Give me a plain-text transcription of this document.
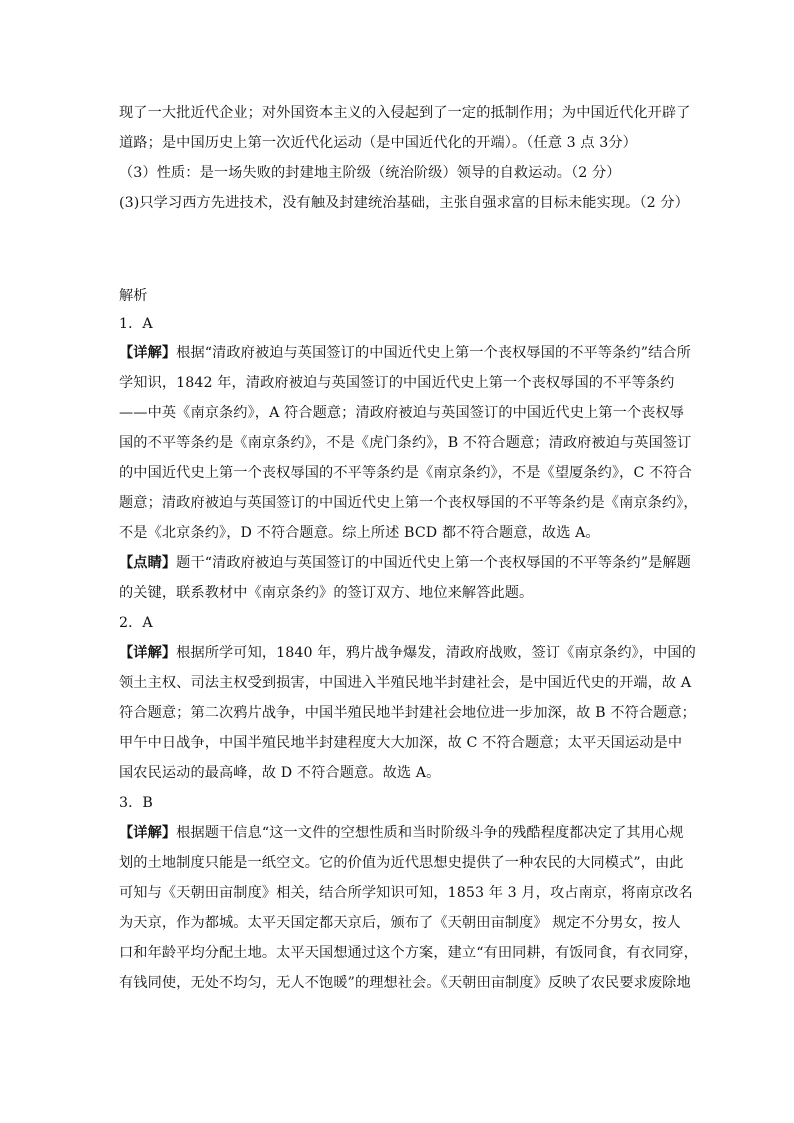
现了一大批近代企业；对外国资本主义的入侵起到了一定的抵制作用；为中国近代化开辟了
道路；是中国历史上第一次近代化运动（是中国近代化的开端）。（任意 3 点 3分）
（3）性质：是一场失败的封建地主阶级（统治阶级）领导的自救运动。（2 分）
(3)只学习西方先进技术，没有触及封建统治基础，主张自强求富的目标未能实现。（2 分）
解析
1．A
【详解】根据“清政府被迫与英国签订的中国近代史上第一个丧权辱国的不平等条约”结合所
学知识，1842 年，清政府被迫与英国签订的中国近代史上第一个丧权辱国的不平等条约
——中英《南京条约》，A 符合题意；清政府被迫与英国签订的中国近代史上第一个丧权辱
国的不平等条约是《南京条约》，不是《虎门条约》，B 不符合题意；清政府被迫与英国签订
的中国近代史上第一个丧权辱国的不平等条约是《南京条约》，不是《望厦条约》，C 不符合
题意；清政府被迫与英国签订的中国近代史上第一个丧权辱国的不平等条约是《南京条约》，
不是《北京条约》，D 不符合题意。综上所述 BCD 都不符合题意，故选 A。
【点睛】题干“清政府被迫与英国签订的中国近代史上第一个丧权辱国的不平等条约”是解题
的关键，联系教材中《南京条约》的签订双方、地位来解答此题。
2．A
【详解】根据所学可知，1840 年，鸦片战争爆发，清政府战败，签订《南京条约》，中国的
领土主权、司法主权受到损害，中国进入半殖民地半封建社会，是中国近代史的开端，故 A
符合题意；第二次鸦片战争，中国半殖民地半封建社会地位进一步加深，故 B 不符合题意；
甲午中日战争，中国半殖民地半封建程度大大加深，故 C 不符合题意；太平天国运动是中
国农民运动的最高峰，故 D 不符合题意。故选 A。
3．B
【详解】根据题干信息“这一文件的空想性质和当时阶级斗争的残酷程度都决定了其用心规
划的土地制度只能是一纸空文。它的价值为近代思想史提供了一种农民的大同模式”，由此
可知与《天朝田亩制度》相关，结合所学知识可知，1853 年 3 月，攻占南京，将南京改名
为天京，作为都城。太平天国定都天京后，颁布了《天朝田亩制度》 规定不分男女，按人
口和年龄平均分配土地。太平天国想通过这个方案，建立“有田同耕，有饭同食，有衣同穿，
有钱同使，无处不均匀，无人不饱暖”的理想社会。《天朝田亩制度》反映了农民要求废除地
